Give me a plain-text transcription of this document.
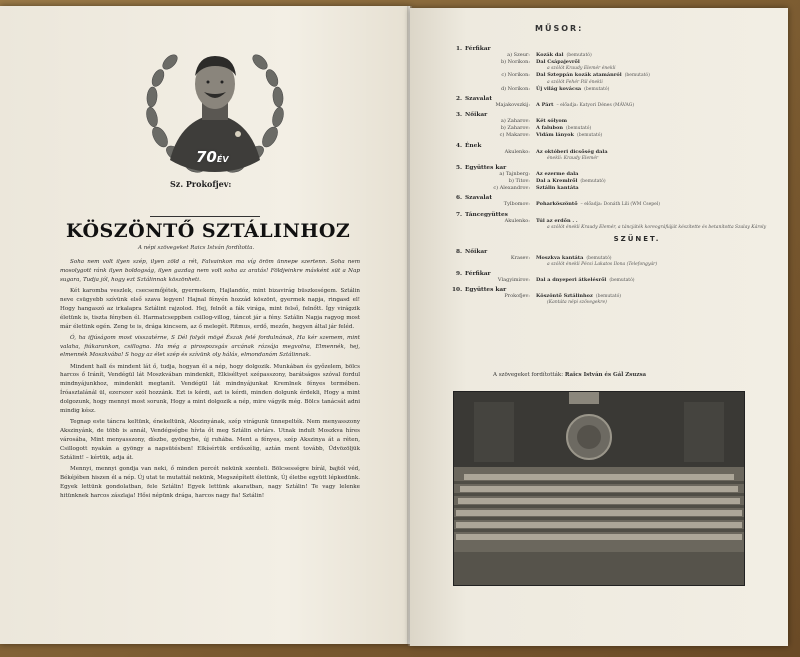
70ÉV
Sz. Prokofjev:
KÖSZÖNTŐ SZTÁLINHOZ
A népi szövegeket Raics István fordította.

Soha nem volt ilyen szép, ilyen zöld a rét, Falvainkon ma víg öröm ünnepe szertenn. Soha nem mosolygott ránk ilyen boldogság, ilyen gazdag nem volt soha az aratás! Földjeinkre másként süt a Nap sugara, Tudja jól, hogy ezt Sztálinnak köszönheti.

Két karomba veszlek, csecsemőjétek, gyermekem, Hajlandóz, mint bizavirág büszkeségem. Sztálin neve csügyebb szívünk első szava legyen! Hajnal fényén hozzád köszönt, gyermek napja, ringasd el! Hogy hangaszó az irkalapra Sztálint rajzolod. Hej, felnőt a fák virága, mint felső, felnőtt. Így virágzik életünk is, tiszta fényben él. Harmatcseppben csillog-villog, táncot jár a fény. Sztálin Napja ragyog most már életünk egén. Zeng te is, drága kincsem, az ő melegét. Ritmus, erdő, mezőn, hegyen által jár feléd.

Ó, ha ifjúságom most visszatérne, S Dél folyói mögé Észak felé fordulnának, Ha kér szemem, mint valaha, fiúkarunkon, csillogna. Ha még a pirospozsgás arcának rózsája megvolna, Elmennék, hej, elmennék Moszkvába! S hogy az élet szép és szívünk oly hálás, elmondanám Sztálinnak.

Mindent hall és mindent lát ő, tudja, hogyan él a nép, hogy dolgozik. Munkában és győzelem, bölcs harcos ő Iránít, Vendégül lát Moszkvában mindenkit, Elkiséltyet szépasszony, barátságos szóval fordul mindnyájunkhoz, mindenkit megtanít. Vendégül lát mindnyájunkat Kremlnek fényes termében. Íróasztalánál ül, ezerszer szól hozzánk. Ezt is kérdi, azt is kérdi, minden dolgunk érdekli, Hogy a mint dolgozunk, hogy mennyi most sorunk, Hogy a mint dolgozik a nép, mire vágyik még. Bölcs tanácsát adni mindig kész.

Tegnap este táncra keltünk, énekeltünk, Akszinyának, szép virágunk ünnepelték. Nem menyasszony Akszinyánk, de több is annál, Vendégségbe hívta őt meg Sztálin elvtárs. Utnak indult Moszkva híres városába, Mint menyasszony, díszbe, gyöngybe, új ruhába. Ment a fényes, szép Akszinya át a réten, Csillogott nyakán a gyöngy a napsütésben! Elkísértük erdőszélig, aztán ment tovább, Üdvözöljük Sztálint! – kértük, adja át.

Mennyi, mennyi gondja van neki, ő minden percét nekünk szenteli. Bölcsességre bírál, bajtól véd, Békéjében hiszen él a nép. Új utat te mutattál nekünk, Megszépített életünk, Új életbe együtt lépkedünk. Egyek lettünk gondolatban, fele Sztálin! Egyek lettünk akaratban, nagy Sztálin! Te vagy lelenke hitünknek harcos zászlaja! Hősi népünk drága, harcos nagy fia! Sztálin!

MŰSOR:
1. Férfikar
a) Szeur:	Kozák dal (bemutató)
b) Norikon:	Dal Csápajevről
a szólót Kraudy Elemér énekli
c) Norikon:	Dal Szteppán kozák atamánról (bemutató)
a szólót Fehér Pál énekli
d) Norikon:	Új világ kovácsa (bemutató)
2. Szavalat
Majakovszkij:	A Párt – előadja: Katyori Dénes (MÁVAG)
3. Nőikar
a) Zaharov:	Két sólyom
b) Zaharov:	A falubon (bemutató)
c) Makarov:	Vidám lányok (bemutató)
4. Ének
Akulenko:	Az októberi dicsőség dala
énekli: Kraudy Elemér
5. Együttes kar
a) Tajnberg:	Az ezerme dala
b) Titov:	Dal a Kremlről (bemutató)
c) Alexandrov:	Sztálin kantáta
6. Szavalat
Tylbomov:	Poharköszöntő – előadja: Donáth Lili (WM Csepel)
7. Táncegyüttes
Akulenko:	Túl az erdőn . .
a szólót énekli Kraudy Elemér, a táncjáték koreográfiáját készítette és betanította Szalay Károly
SZÜNET.
8. Nőikar
Krasev:	Moszkva kantáta (bemutató)
a szólót énekli Pécsi Lakatos Ilona (Telefongyár)
9. Férfikar
Vlagyimirov:	Dal a dnyeperi átkelésről (bemutató)
10. Együttes kar
Prokofjev:	Köszöntő Sztálinhoz (bemutató)
(Kantáta népi szövegekre)
A szövegeket fordították: Raics István és Gál Zsuzsa
